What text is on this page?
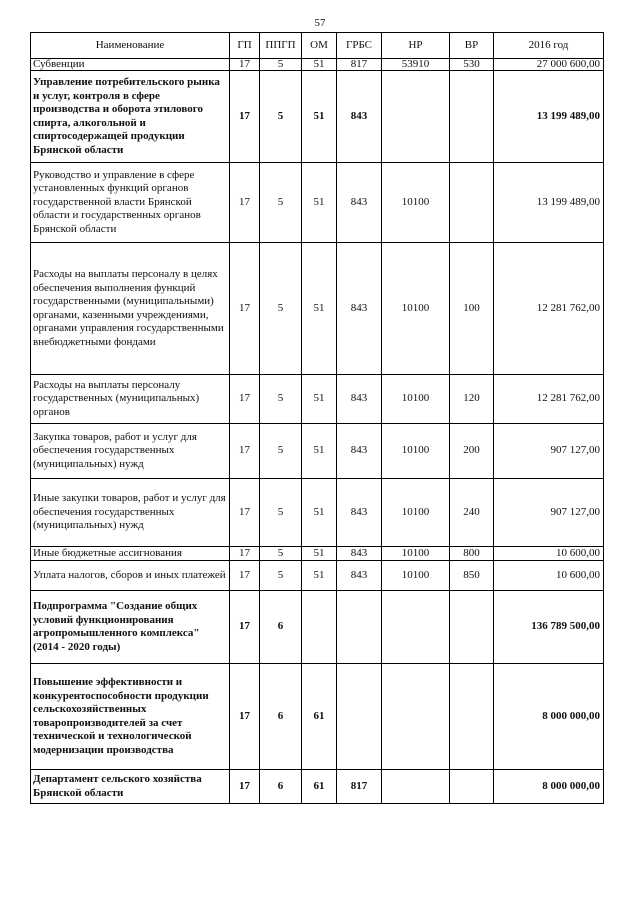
57
Наименование	ГП	ППГП	ОМ	ГРБС	НР	ВР	2016 год
Субвенции	17	5	51	817	53910	530	27 000 600,00
Управление потребительского рынка и услуг, контроля в сфере производства и оборота этилового спирта, алкогольной и спиртосодержащей продукции Брянской области	17	5	51	843			13 199 489,00
Руководство и управление в сфере установленных функций органов государственной власти Брянской области и государственных органов Брянской области	17	5	51	843	10100		13 199 489,00
Расходы на выплаты персоналу в целях обеспечения выполнения функций государственными (муниципальными) органами, казенными учреждениями, органами управления государственными внебюджетными фондами	17	5	51	843	10100	100	12 281 762,00
Расходы на выплаты персоналу государственных (муниципальных) органов	17	5	51	843	10100	120	12 281 762,00
Закупка товаров, работ и услуг для обеспечения государственных (муниципальных) нужд	17	5	51	843	10100	200	907 127,00
Иные закупки товаров, работ и услуг для обеспечения государственных (муниципальных) нужд	17	5	51	843	10100	240	907 127,00
Иные бюджетные ассигнования	17	5	51	843	10100	800	10 600,00
Уплата налогов, сборов и иных платежей	17	5	51	843	10100	850	10 600,00
Подпрограмма "Создание общих условий функционирования агропромышленного комплекса" (2014 - 2020 годы)	17	6					136 789 500,00
Повышение эффективности и конкурентоспособности продукции сельскохозяйственных товаропроизводителей за счет технической и технологической модернизации производства	17	6	61				8 000 000,00
Департамент сельского хозяйства Брянской области	17	6	61	817			8 000 000,00
